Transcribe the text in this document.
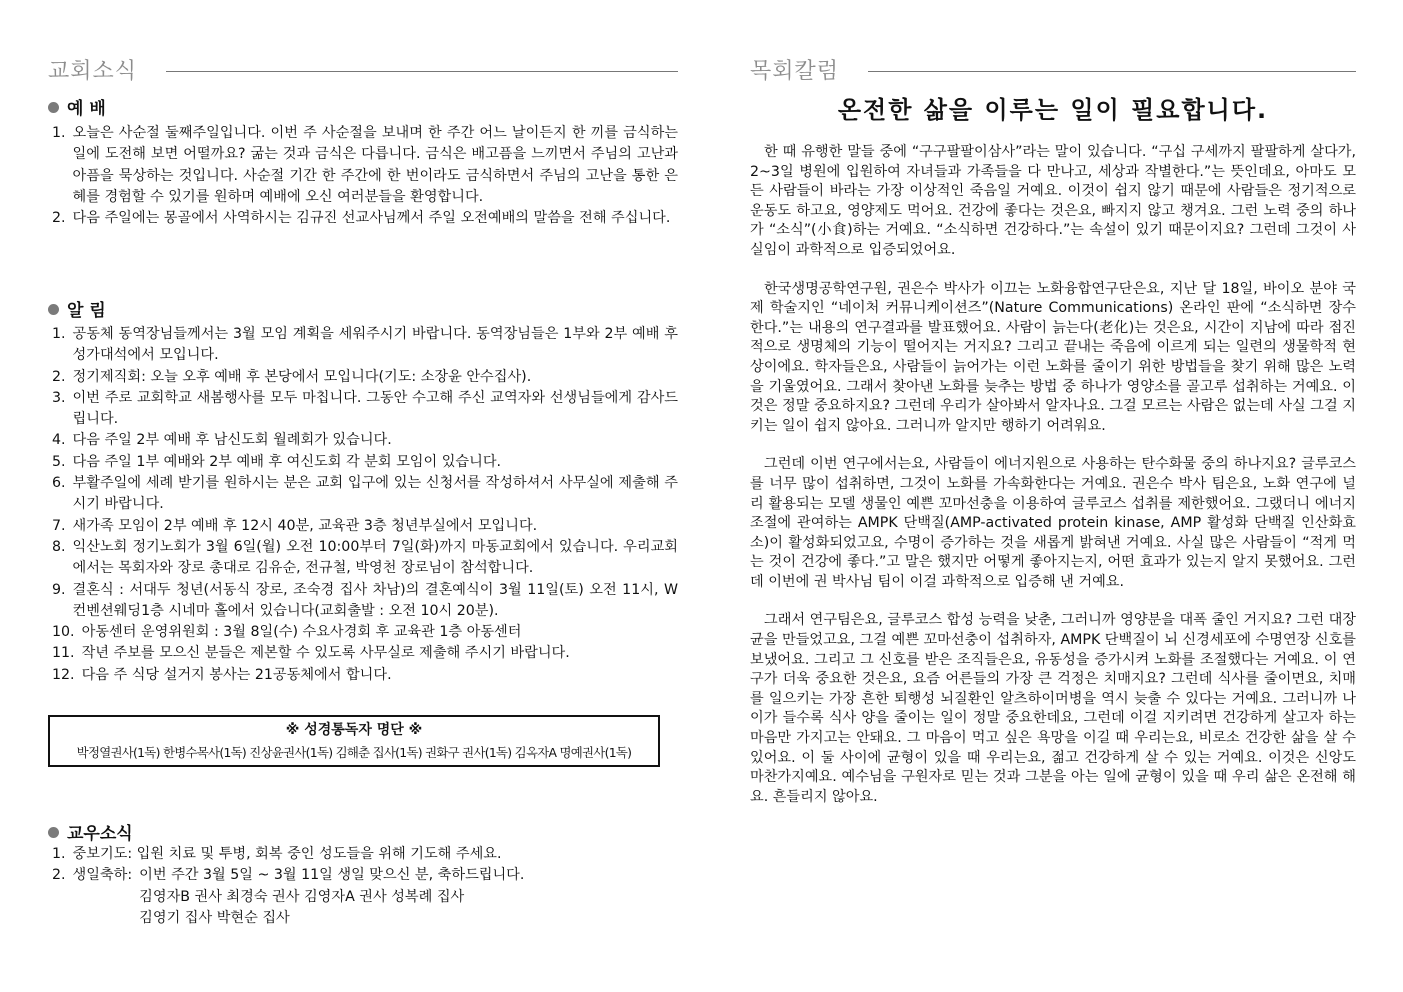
교회소식
예 배
1. 오늘은 사순절 둘째주일입니다. 이번 주 사순절을 보내며 한 주간 어느 날이든지 한 끼를 금식하는 일에 도전해 보면 어떨까요? 굶는 것과 금식은 다릅니다. 금식은 배고픔을 느끼면서 주님의 고난과 아픔을 묵상하는 것입니다. 사순절 기간 한 주간에 한 번이라도 금식하면서 주님의 고난을 통한 은혜를 경험할 수 있기를 원하며 예배에 오신 여러분들을 환영합니다.
2. 다음 주일에는 몽골에서 사역하시는 김규진 선교사님께서 주일 오전예배의 말씀을 전해 주십니다.
알 림
1. 공동체 동역장님들께서는 3월 모임 계획을 세워주시기 바랍니다. 동역장님들은 1부와 2부 예배 후 성가대석에서 모입니다.
2. 정기제직회: 오늘 오후 예배 후 본당에서 모입니다(기도: 소장윤 안수집사).
3. 이번 주로 교회학교 새봄행사를 모두 마칩니다. 그동안 수고해 주신 교역자와 선생님들에게 감사드립니다.
4. 다음 주일 2부 예배 후 남신도회 월례회가 있습니다.
5. 다음 주일 1부 예배와 2부 예배 후 여신도회 각 분회 모임이 있습니다.
6. 부활주일에 세례 받기를 원하시는 분은 교회 입구에 있는 신청서를 작성하셔서 사무실에 제출해 주시기 바랍니다.
7. 새가족 모임이 2부 예배 후 12시 40분, 교육관 3층 청년부실에서 모입니다.
8. 익산노회 정기노회가 3월 6일(월) 오전 10:00부터 7일(화)까지 마동교회에서 있습니다. 우리교회에서는 목회자와 장로 총대로 김유순, 전규철, 박영천 장로님이 참석합니다.
9. 결혼식 : 서대두 청년(서동식 장로, 조숙경 집사 차남)의 결혼예식이 3월 11일(토) 오전 11시, W컨벤션웨딩1층 시네마 홀에서 있습니다(교회출발 : 오전 10시 20분).
10. 아동센터 운영위원회 : 3월 8일(수) 수요사경회 후 교육관 1층 아동센터
11. 작년 주보를 모으신 분들은 제본할 수 있도록 사무실로 제출해 주시기 바랍니다.
12. 다음 주 식당 설거지 봉사는 21공동체에서 합니다.
※ 성경통독자 명단 ※
박정열권사(1독) 한병수목사(1독) 진상윤권사(1독) 김해춘 집사(1독) 권화구 권사(1독) 김옥자A 명예권사(1독)
교우소식
1. 중보기도: 입원 치료 및 투병, 회복 중인 성도들을 위해 기도해 주세요.
2. 생일축하: 이번 주간 3월 5일 ~ 3월 11일 생일 맞으신 분, 축하드립니다.
김영자B 권사 최경숙 권사 김영자A 권사 성복례 집사
김영기 집사 박현순 집사
목회칼럼
온전한 삶을 이루는 일이 필요합니다.

한 때 유행한 말들 중에 “구구팔팔이삼사”라는 말이 있습니다. “구십 구세까지 팔팔하게 살다가, 2~3일 병원에 입원하여 자녀들과 가족들을 다 만나고, 세상과 작별한다.”는 뜻인데요, 아마도 모든 사람들이 바라는 가장 이상적인 죽음일 거예요. 이것이 쉽지 않기 때문에 사람들은 정기적으로 운동도 하고요, 영양제도 먹어요. 건강에 좋다는 것은요, 빠지지 않고 챙겨요. 그런 노력 중의 하나가 “소식”(小食)하는 거예요. “소식하면 건강하다.”는 속설이 있기 때문이지요? 그런데 그것이 사실임이 과학적으로 입증되었어요.

한국생명공학연구원, 권은수 박사가 이끄는 노화융합연구단은요, 지난 달 18일, 바이오 분야 국제 학술지인 “네이처 커뮤니케이션즈”(Nature Communications) 온라인 판에 “소식하면 장수한다.”는 내용의 연구결과를 발표했어요. 사람이 늙는다(老化)는 것은요, 시간이 지남에 따라 점진적으로 생명체의 기능이 떨어지는 거지요? 그리고 끝내는 죽음에 이르게 되는 일련의 생물학적 현상이에요. 학자들은요, 사람들이 늙어가는 이런 노화를 줄이기 위한 방법들을 찾기 위해 많은 노력을 기울였어요. 그래서 찾아낸 노화를 늦추는 방법 중 하나가 영양소를 골고루 섭취하는 거예요. 이것은 정말 중요하지요? 그런데 우리가 살아봐서 알자나요. 그걸 모르는 사람은 없는데 사실 그걸 지키는 일이 쉽지 않아요. 그러니까 알지만 행하기 어려워요.

그런데 이번 연구에서는요, 사람들이 에너지원으로 사용하는 탄수화물 중의 하나지요? 글루코스를 너무 많이 섭취하면, 그것이 노화를 가속화한다는 거예요. 권은수 박사 팀은요, 노화 연구에 널리 활용되는 모델 생물인 예쁜 꼬마선충을 이용하여 글루코스 섭취를 제한했어요. 그랬더니 에너지 조절에 관여하는 AMPK 단백질(AMP-activated protein kinase, AMP 활성화 단백질 인산화효소)이 활성화되었고요, 수명이 증가하는 것을 새롭게 밝혀낸 거예요. 사실 많은 사람들이 “적게 먹는 것이 건강에 좋다.”고 말은 했지만 어떻게 좋아지는지, 어떤 효과가 있는지 알지 못했어요. 그런데 이번에 권 박사님 팀이 이걸 과학적으로 입증해 낸 거예요.

그래서 연구팀은요, 글루코스 합성 능력을 낮춘, 그러니까 영양분을 대폭 줄인 거지요? 그런 대장균을 만들었고요, 그걸 예쁜 꼬마선충이 섭취하자, AMPK 단백질이 뇌 신경세포에 수명연장 신호를 보냈어요. 그리고 그 신호를 받은 조직들은요, 유동성을 증가시켜 노화를 조절했다는 거예요. 이 연구가 더욱 중요한 것은요, 요즘 어른들의 가장 큰 걱정은 치매지요? 그런데 식사를 줄이면요, 치매를 일으키는 가장 흔한 퇴행성 뇌질환인 알츠하이머병을 역시 늦출 수 있다는 거예요. 그러니까 나이가 들수록 식사 양을 줄이는 일이 정말 중요한데요, 그런데 이걸 지키려면 건강하게 살고자 하는 마음만 가지고는 안돼요. 그 마음이 먹고 싶은 욕망을 이길 때 우리는요, 비로소 건강한 삶을 살 수 있어요. 이 둘 사이에 균형이 있을 때 우리는요, 젊고 건강하게 살 수 있는 거예요. 이것은 신앙도 마찬가지예요. 예수님을 구원자로 믿는 것과 그분을 아는 일에 균형이 있을 때 우리 삶은 온전해 해요. 흔들리지 않아요.
